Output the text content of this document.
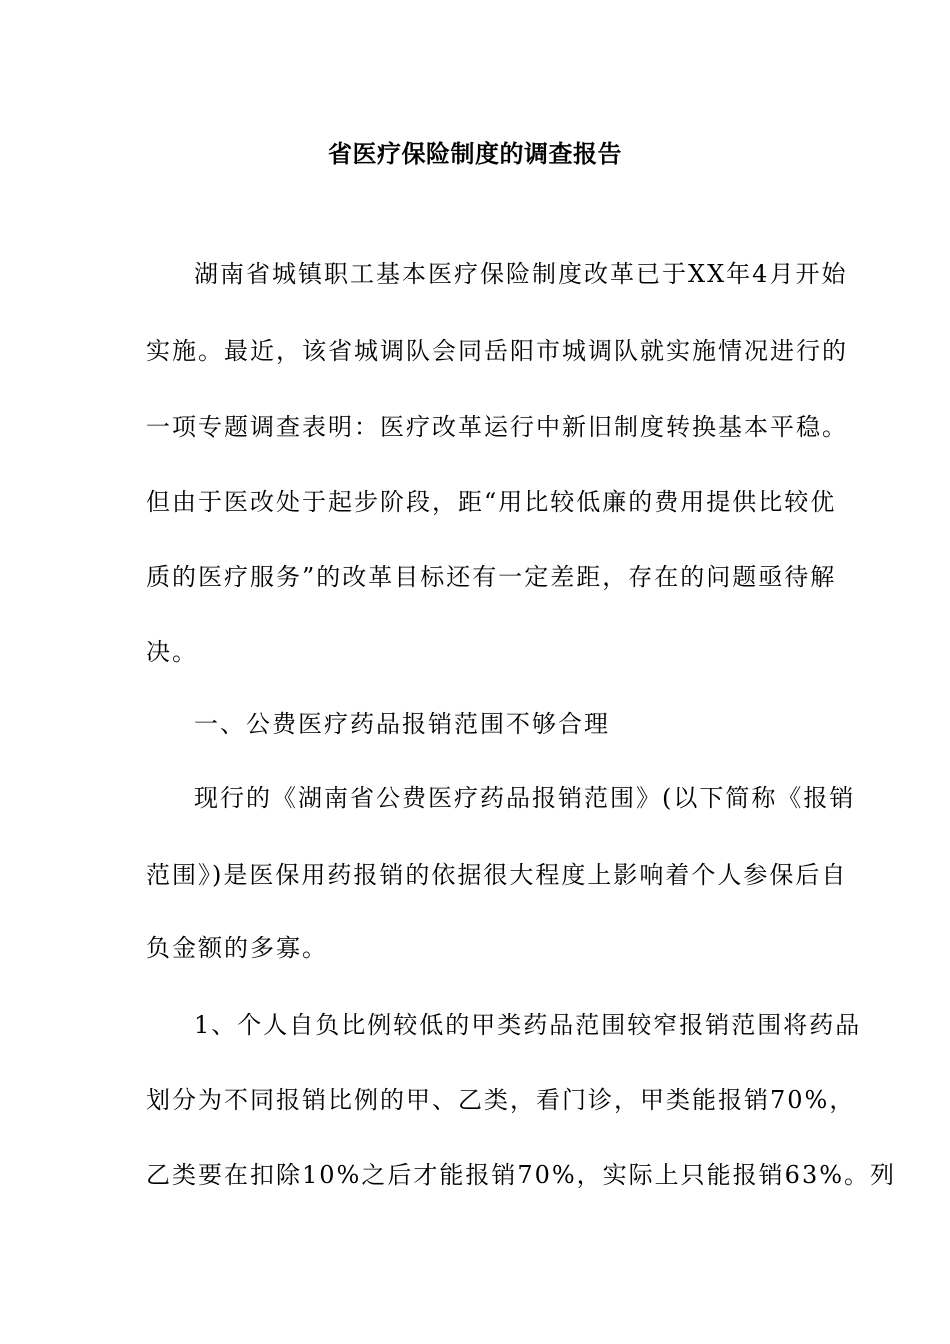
省医疗保险制度的调查报告
湖南省城镇职工基本医疗保险制度改革已于XX年4月开始
实施。最近，该省城调队会同岳阳市城调队就实施情况进行的
一项专题调查表明：医疗改革运行中新旧制度转换基本平稳。
但由于医改处于起步阶段，距“用比较低廉的费用提供比较优
质的医疗服务”的改革目标还有一定差距，存在的问题亟待解
决。
一、公费医疗药品报销范围不够合理
现行的《湖南省公费医疗药品报销范围》(以下简称《报销
范围》)是医保用药报销的依据很大程度上影响着个人参保后自
负金额的多寡。
1、个人自负比例较低的甲类药品范围较窄报销范围将药品
划分为不同报销比例的甲、乙类，看门诊，甲类能报销70%，
乙类要在扣除10%之后才能报销70%，实际上只能报销63%。列
